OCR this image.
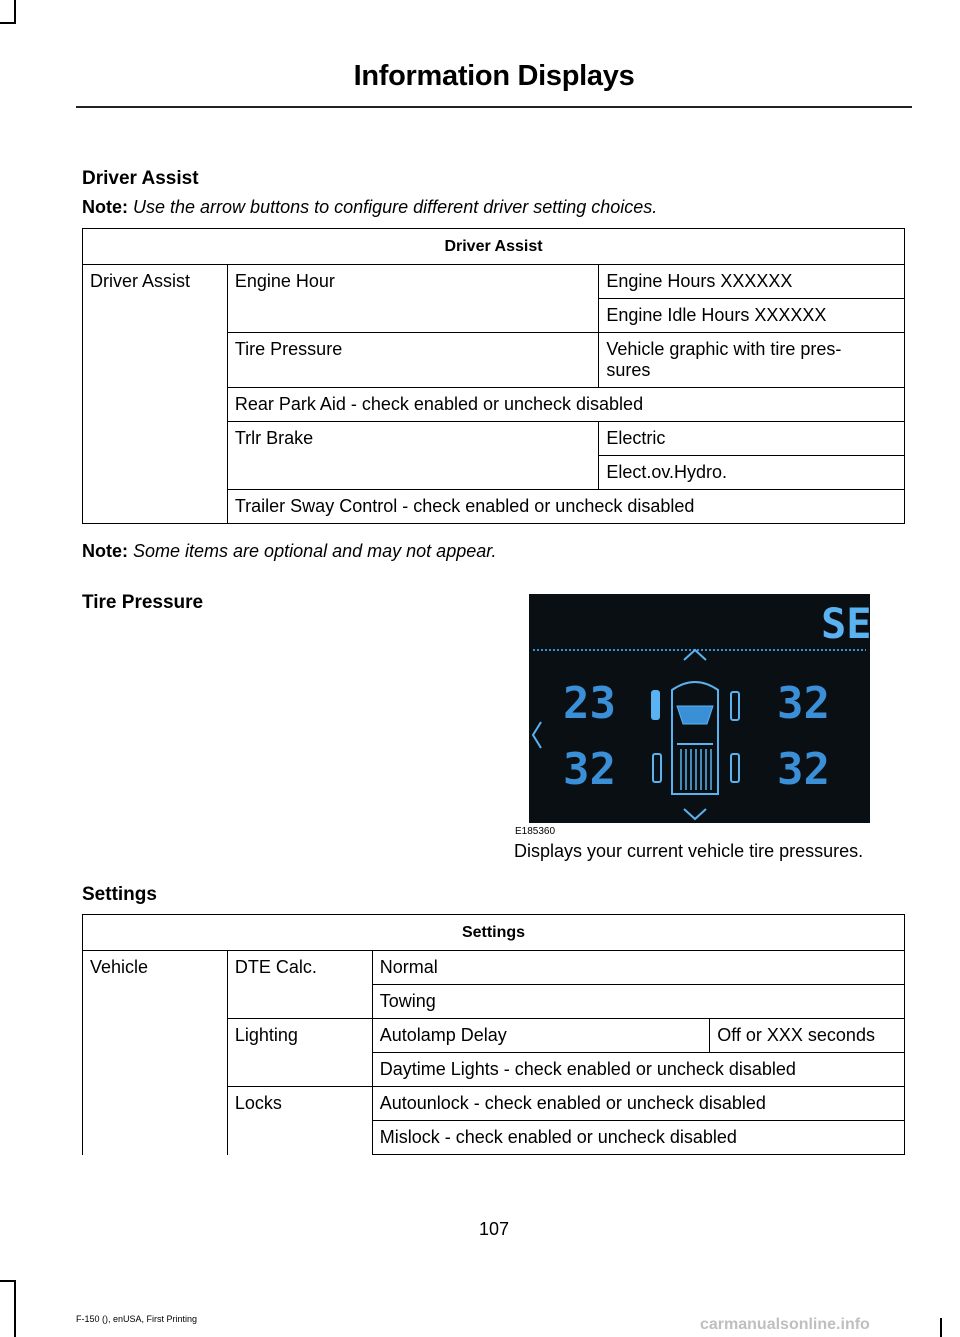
Information Displays
Driver Assist
Note: Use the arrow buttons to configure different driver setting choices.
Driver Assist		
Driver Assist	Engine Hour	Engine Hours XXXXXX
		Engine Idle Hours XXXXXX
	Tire Pressure	Vehicle graphic with tire pres-
sures

	Rear Park Aid - check enabled or uncheck disabled	
	Trlr Brake	Electric
		Elect.ov.Hydro.
	Trailer Sway Control - check enabled or uncheck disabled	
Note: Some items are optional and may not appear.
Tire Pressure	SE
23	32
32	32
E185360
Displays your current vehicle tire pressures.
Settings
Settings			
Vehicle	DTE Calc.	Normal	
		Towing	
	Lighting	Autolamp Delay	Off or XXX seconds
		Daytime Lights - check enabled or uncheck disabled	
	Locks	Autounlock - check enabled or uncheck disabled	
		Mislock - check enabled or uncheck disabled	
107
F-150 (), enUSA, First Printing	carmanualsonline.info
